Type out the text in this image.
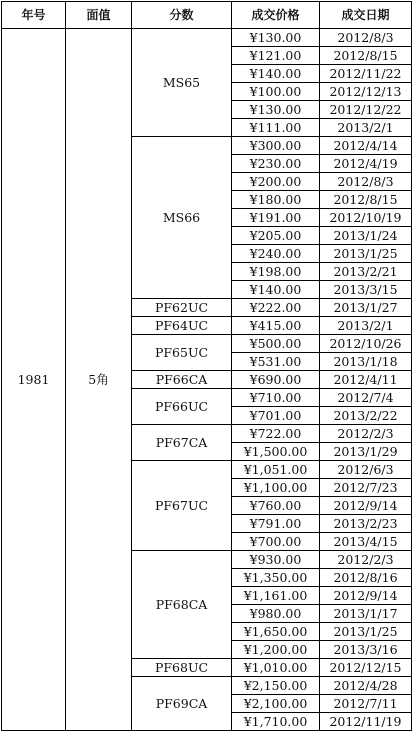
年号	面值	分数	成交价格	成交日期
1981	5角	MS65	¥130.00	2012/8/3
			¥121.00	2012/8/15
			¥140.00	2012/11/22
			¥100.00	2012/12/13
			¥130.00	2012/12/22
			¥111.00	2013/2/1
		MS66	¥300.00	2012/4/14
			¥230.00	2012/4/19
			¥200.00	2012/8/3
			¥180.00	2012/8/15
			¥191.00	2012/10/19
			¥205.00	2013/1/24
			¥240.00	2013/1/25
			¥198.00	2013/2/21
			¥140.00	2013/3/15
		PF62UC	¥222.00	2013/1/27
		PF64UC	¥415.00	2013/2/1
		PF65UC	¥500.00	2012/10/26
			¥531.00	2013/1/18
		PF66CA	¥690.00	2012/4/11
		PF66UC	¥710.00	2012/7/4
			¥701.00	2013/2/22
		PF67CA	¥722.00	2012/2/3
			¥1,500.00	2013/1/29
		PF67UC	¥1,051.00	2012/6/3
			¥1,100.00	2012/7/23
			¥760.00	2012/9/14
			¥791.00	2013/2/23
			¥700.00	2013/4/15
		PF68CA	¥930.00	2012/2/3
			¥1,350.00	2012/8/16
			¥1,161.00	2012/9/14
			¥980.00	2013/1/17
			¥1,650.00	2013/1/25
			¥1,200.00	2013/3/16
		PF68UC	¥1,010.00	2012/12/15
		PF69CA	¥2,150.00	2012/4/28
			¥2,100.00	2012/7/11
			¥1,710.00	2012/11/19
